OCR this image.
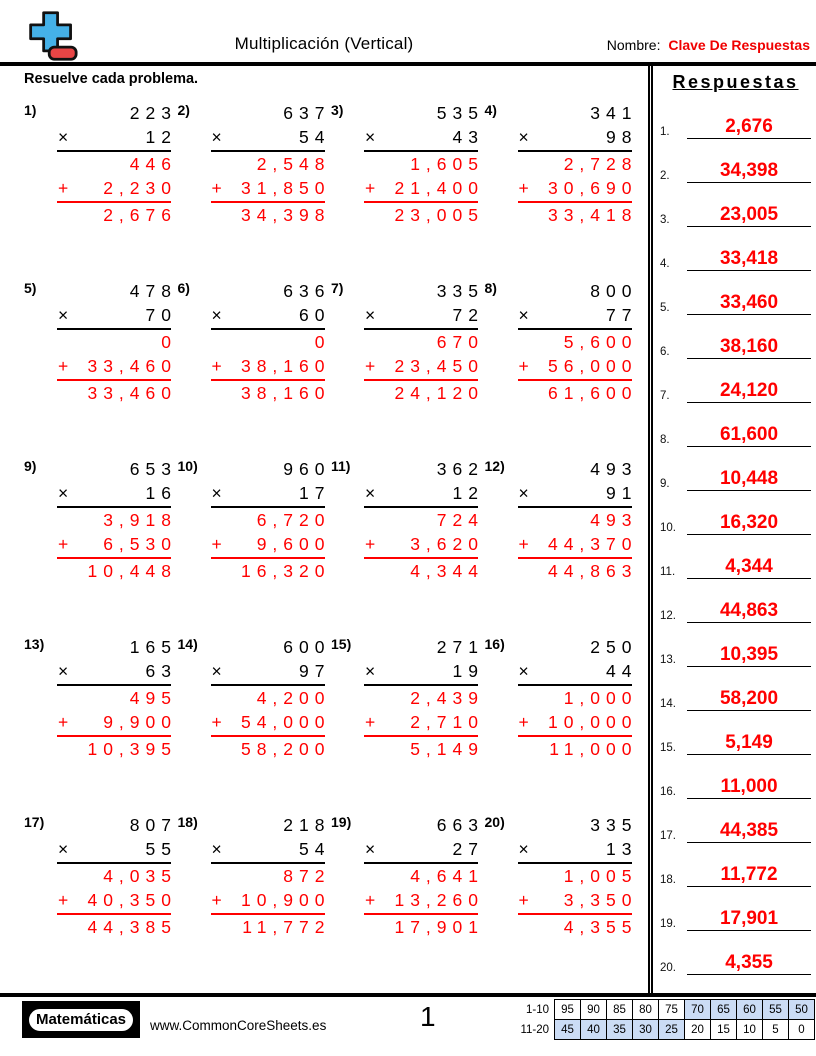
Multiplicación (Vertical)	Nombre: Clave De Respuestas
Resuelve cada problema.
1)	223
×	12
446
+ 2,230
2,676
2)	637
×	54
2,548
+ 31,850
34,398
3)	535
×	43
1,605
+ 21,400
23,005
4)	341
×	98
2,728
+ 30,690
33,418
5)	478
×	70
0
+ 33,460
33,460
6)	636
×	60
0
+ 38,160
38,160
7)	335
×	72
670
+ 23,450
24,120
8)	800
×	77
5,600
+ 56,000
61,600
9)	653
×	16
3,918
+ 6,530
10,448
10)	960
×	17
6,720
+ 9,600
16,320
11)	362
×	12
724
+ 3,620
4,344
12)	493
×	91
493
+ 44,370
44,863
13)	165
×	63
495
+ 9,900
10,395
14)	600
×	97
4,200
+ 54,000
58,200
15)	271
×	19
2,439
+ 2,710
5,149
16)	250
×	44
1,000
+ 10,000
11,000
17)	807
×	55
4,035
+ 40,350
44,385
18)	218
×	54
872
+ 10,900
11,772
19)	663
×	27
4,641
+ 13,260
17,901
20)	335
×	13
1,005
+ 3,350
4,355
Respuestas
1.	2,676
2.	34,398
3.	23,005
4.	33,418
5.	33,460
6.	38,160
7.	24,120
8.	61,600
9.	10,448
10.	16,320
11.	4,344
12.	44,863
13.	10,395
14.	58,200
15.	5,149
16.	11,000
17.	44,385
18.	11,772
19.	17,901
20.	4,355
Matemáticas	www.CommonCoreSheets.es	1	1-10	95	90	85	80	75	70	65	60	55	50
11-20	45	40	35	30	25	20	15	10	5	0
